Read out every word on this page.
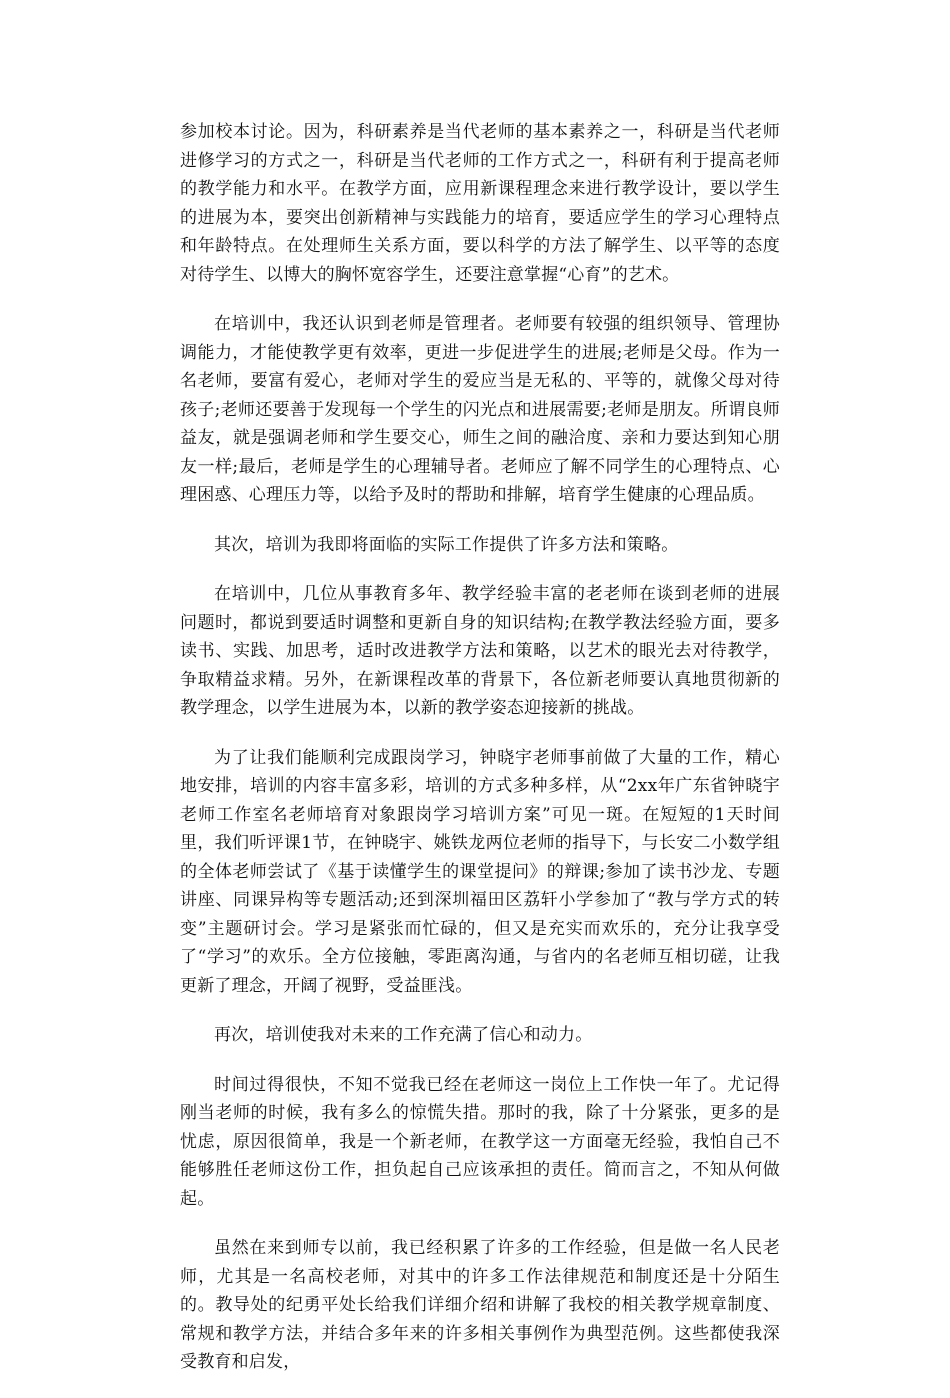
参加校本讨论。因为，科研素养是当代老师的基本素养之一，科研是当代老师进修学习的方式之一，科研是当代老师的工作方式之一，科研有利于提高老师的教学能力和水平。在教学方面，应用新课程理念来进行教学设计，要以学生的进展为本，要突出创新精神与实践能力的培育，要适应学生的学习心理特点和年龄特点。在处理师生关系方面，要以科学的方法了解学生、以平等的态度对待学生、以博大的胸怀宽容学生，还要注意掌握“心育”的艺术。

在培训中，我还认识到老师是管理者。老师要有较强的组织领导、管理协调能力，才能使教学更有效率，更进一步促进学生的进展;老师是父母。作为一名老师，要富有爱心，老师对学生的爱应当是无私的、平等的，就像父母对待孩子;老师还要善于发现每一个学生的闪光点和进展需要;老师是朋友。所谓良师益友，就是强调老师和学生要交心，师生之间的融洽度、亲和力要达到知心朋友一样;最后，老师是学生的心理辅导者。老师应了解不同学生的心理特点、心理困惑、心理压力等，以给予及时的帮助和排解，培育学生健康的心理品质。

其次，培训为我即将面临的实际工作提供了许多方法和策略。

在培训中，几位从事教育多年、教学经验丰富的老老师在谈到老师的进展问题时，都说到要适时调整和更新自身的知识结构;在教学教法经验方面，要多读书、实践、加思考，适时改进教学方法和策略，以艺术的眼光去对待教学，争取精益求精。另外，在新课程改革的背景下，各位新老师要认真地贯彻新的教学理念，以学生进展为本，以新的教学姿态迎接新的挑战。

为了让我们能顺利完成跟岗学习，钟晓宇老师事前做了大量的工作，精心地安排，培训的内容丰富多彩，培训的方式多种多样，从“2xx年广东省钟晓宇老师工作室名老师培育对象跟岗学习培训方案”可见一斑。在短短的1天时间里，我们听评课1节，在钟晓宇、姚铁龙两位老师的指导下，与长安二小数学组的全体老师尝试了《基于读懂学生的课堂提问》的辩课;参加了读书沙龙、专题讲座、同课异构等专题活动;还到深圳福田区荔轩小学参加了“教与学方式的转变”主题研讨会。学习是紧张而忙碌的，但又是充实而欢乐的，充分让我享受了“学习”的欢乐。全方位接触，零距离沟通，与省内的名老师互相切磋，让我更新了理念，开阔了视野，受益匪浅。

再次，培训使我对未来的工作充满了信心和动力。

时间过得很快，不知不觉我已经在老师这一岗位上工作快一年了。尤记得刚当老师的时候，我有多么的惊慌失措。那时的我，除了十分紧张，更多的是忧虑，原因很简单，我是一个新老师，在教学这一方面毫无经验，我怕自己不能够胜任老师这份工作，担负起自己应该承担的责任。简而言之，不知从何做起。

虽然在来到师专以前，我已经积累了许多的工作经验，但是做一名人民老师，尤其是一名高校老师，对其中的许多工作法律规范和制度还是十分陌生的。教导处的纪勇平处长给我们详细介绍和讲解了我校的相关教学规章制度、常规和教学方法，并结合多年来的许多相关事例作为典型范例。这些都使我深受教育和启发，
